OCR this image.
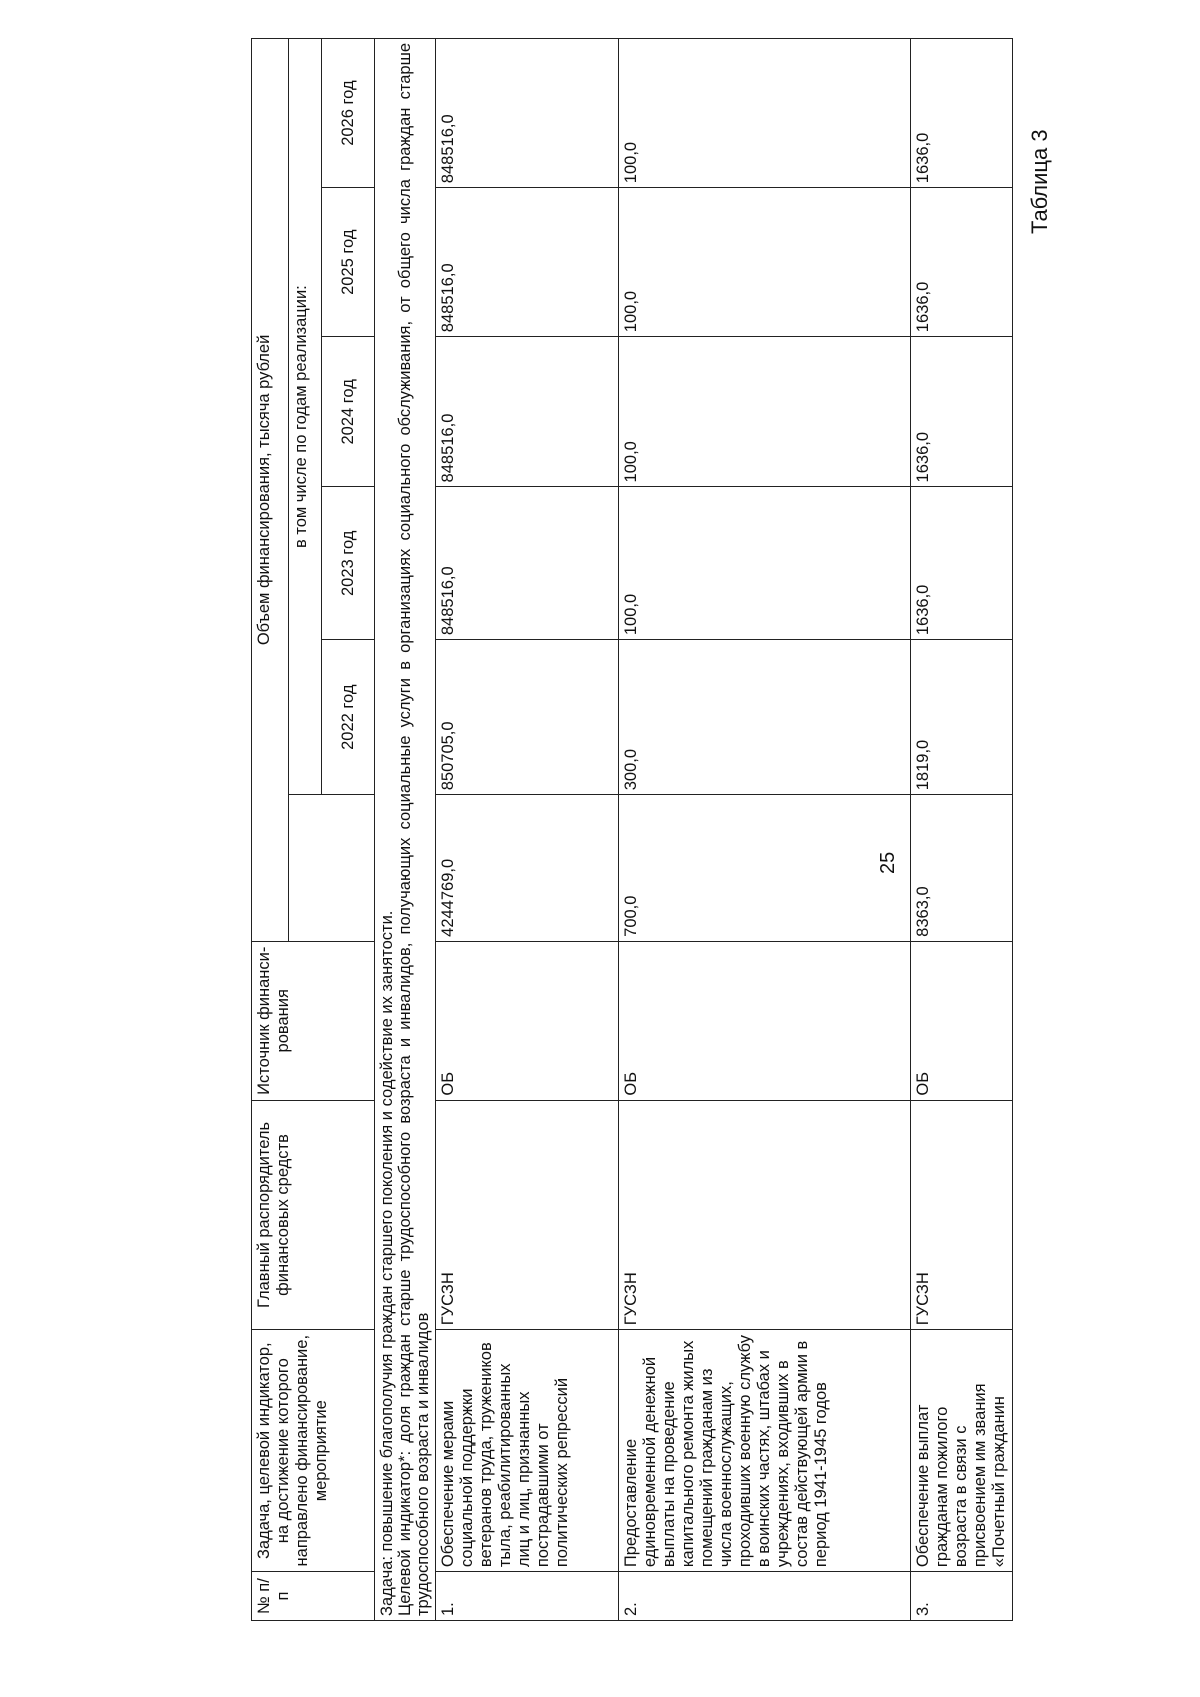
25
Таблица 3
№ п/п	Задача, целевой индикатор, на достижение которого направлено финансирование, мероприятие	Главный распорядитель финансовых средств	Источник финанси-рования	Объем финансирования, тысяча рублей					
					в том числе по годам реализации:				
					2022 год	2023 год	2024 год	2025 год	2026 год

Задача: повышение благополучия граждан старшего поколения и содействие их занятости. Целевой индикатор*: доля граждан старше трудоспособного возраста и инвалидов, получающих социальные услуги в организациях социального обслуживания, от общего числа граждан старше трудоспособного возраста и инвалидов									

1.	Обеспечение мерами социальной поддержки ветеранов труда, тружеников тыла, реабилитированных лиц и лиц, признанных пострадавшими от политических репрессий	ГУСЗН	ОБ	4244769,0	850705,0	848516,0	848516,0	848516,0	848516,0
2.	Предоставление единовременной денежной выплаты на проведение капитального ремонта жилых помещений гражданам из числа военнослужащих, проходивших военную службу в воинских частях, штабах и учреждениях, входивших в состав действующей армии в период 1941-1945 годов	ГУСЗН	ОБ	700,0	300,0	100,0	100,0	100,0	100,0
3.	Обеспечение выплат гражданам пожилого возраста в связи с присвоением им звания «Почетный гражданин	ГУСЗН	ОБ	8363,0	1819,0	1636,0	1636,0	1636,0	1636,0
